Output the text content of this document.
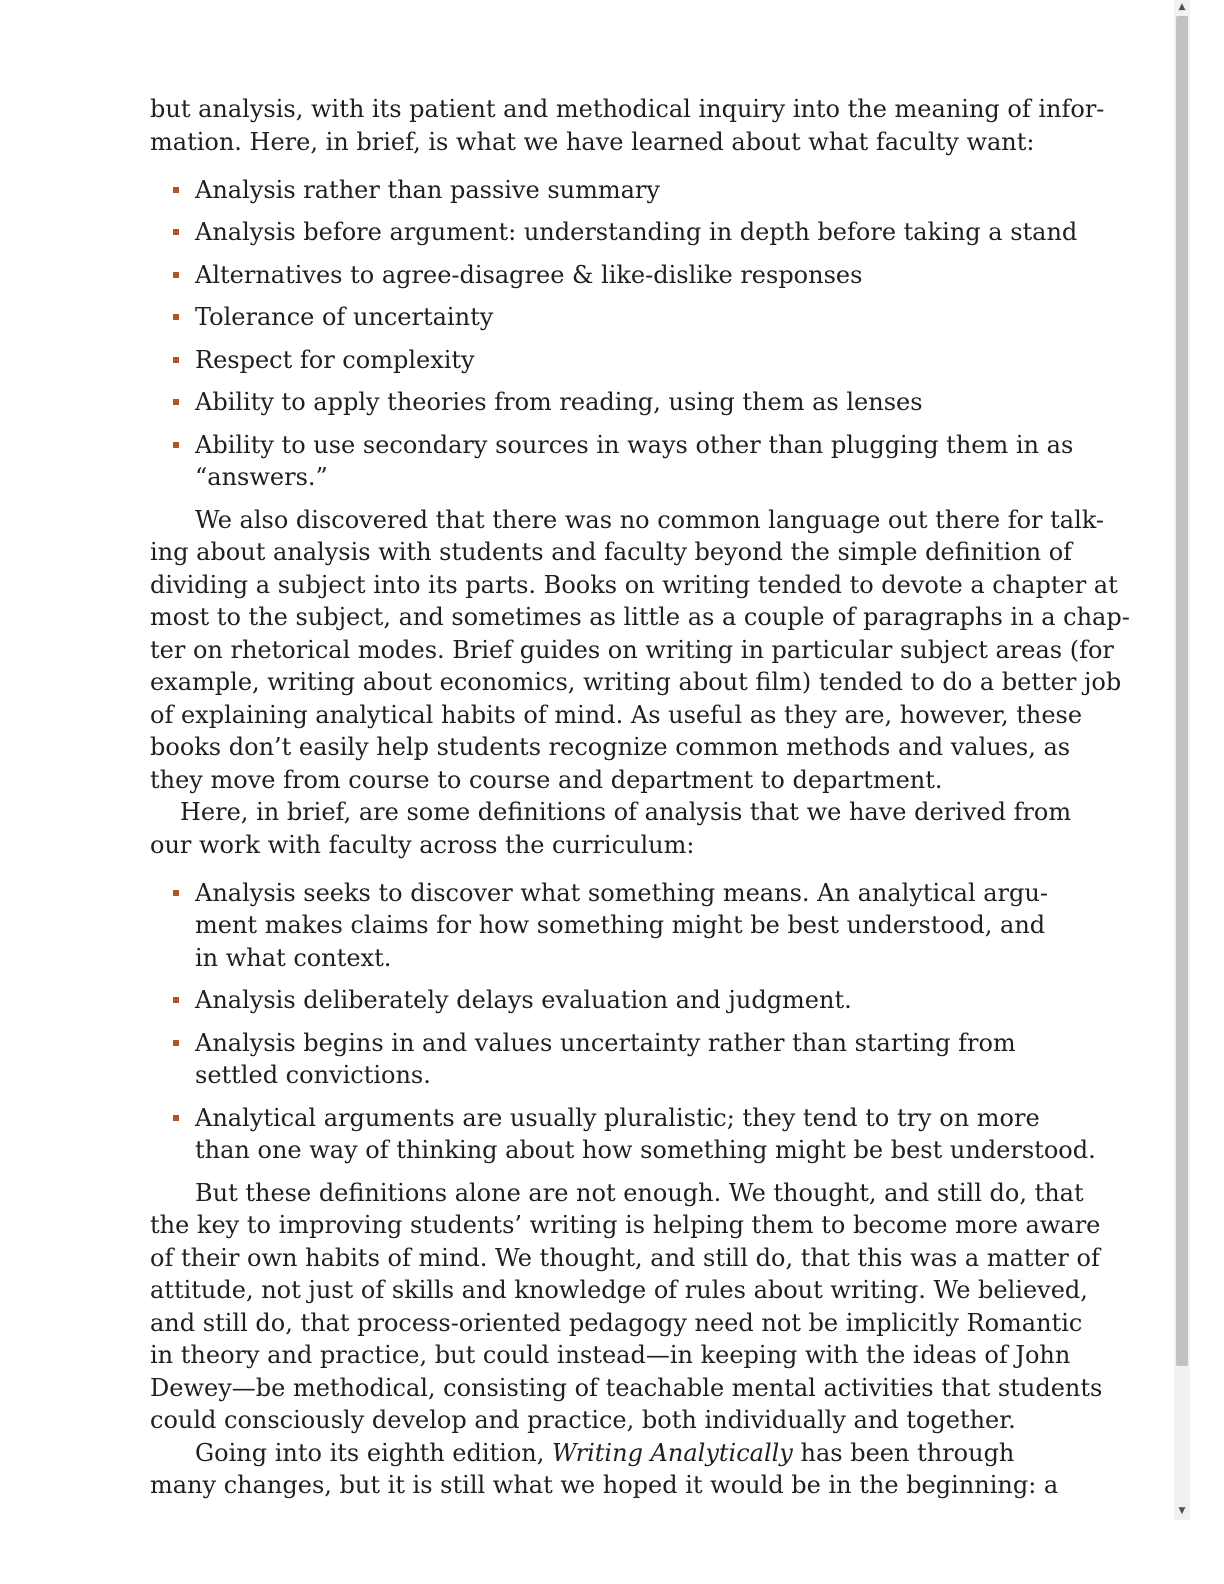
but analysis, with its patient and methodical inquiry into the meaning of infor-
mation. Here, in brief, is what we have learned about what faculty want:
Analysis rather than passive summary
Analysis before argument: understanding in depth before taking a stand
Alternatives to agree-disagree & like-dislike responses
Tolerance of uncertainty
Respect for complexity
Ability to apply theories from reading, using them as lenses
Ability to use secondary sources in ways other than plugging them in as
“answers.”
We also discovered that there was no common language out there for talk-
ing about analysis with students and faculty beyond the simple definition of
dividing a subject into its parts. Books on writing tended to devote a chapter at
most to the subject, and sometimes as little as a couple of paragraphs in a chap-
ter on rhetorical modes. Brief guides on writing in particular subject areas (for
example, writing about economics, writing about film) tended to do a better job
of explaining analytical habits of mind. As useful as they are, however, these
books don’t easily help students recognize common methods and values, as
they move from course to course and department to department.
Here, in brief, are some definitions of analysis that we have derived from
our work with faculty across the curriculum:
Analysis seeks to discover what something means. An analytical argu-
ment makes claims for how something might be best understood, and
in what context.
Analysis deliberately delays evaluation and judgment.
Analysis begins in and values uncertainty rather than starting from
settled convictions.
Analytical arguments are usually pluralistic; they tend to try on more
than one way of thinking about how something might be best understood.
But these definitions alone are not enough. We thought, and still do, that
the key to improving students’ writing is helping them to become more aware
of their own habits of mind. We thought, and still do, that this was a matter of
attitude, not just of skills and knowledge of rules about writing. We believed,
and still do, that process-oriented pedagogy need not be implicitly Romantic
in theory and practice, but could instead—in keeping with the ideas of John
Dewey—be methodical, consisting of teachable mental activities that students
could consciously develop and practice, both individually and together.
Going into its eighth edition, Writing Analytically has been through
many changes, but it is still what we hoped it would be in the beginning: a
▲
▼
